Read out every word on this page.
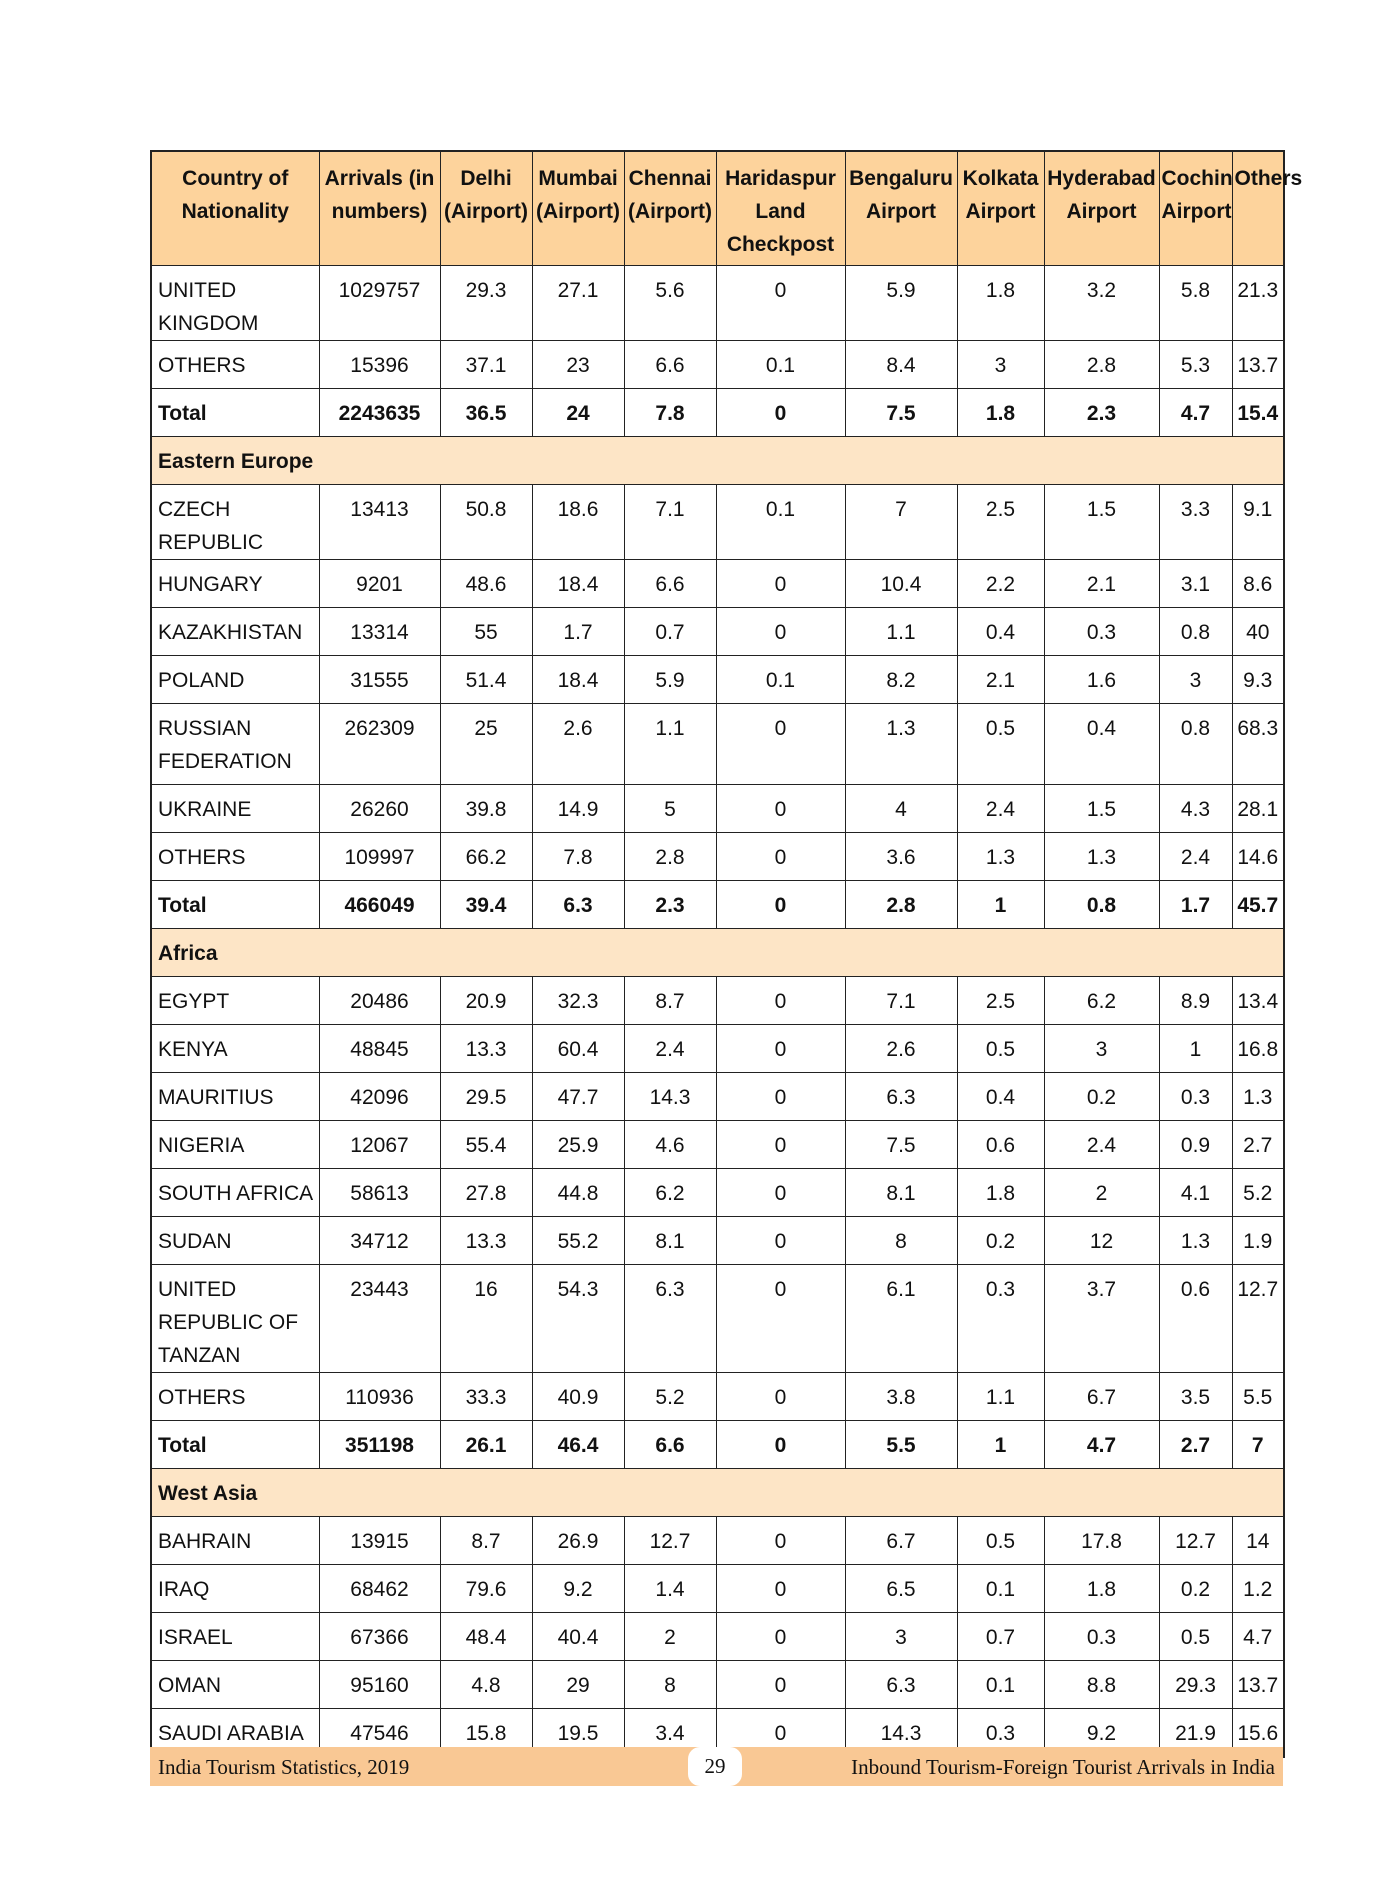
Country of Nationality	Arrivals (in numbers)	Delhi (Airport)	Mumbai (Airport)	Chennai (Airport)	Haridaspur Land Checkpost	Bengaluru Airport	Kolkata Airport	Hyderabad Airport	Cochin Airport	Others
UNITED KINGDOM	1029757	29.3	27.1	5.6	0	5.9	1.8	3.2	5.8	21.3
OTHERS	15396	37.1	23	6.6	0.1	8.4	3	2.8	5.3	13.7
Total	2243635	36.5	24	7.8	0	7.5	1.8	2.3	4.7	15.4
Eastern Europe										
CZECH REPUBLIC	13413	50.8	18.6	7.1	0.1	7	2.5	1.5	3.3	9.1
HUNGARY	9201	48.6	18.4	6.6	0	10.4	2.2	2.1	3.1	8.6
KAZAKHISTAN	13314	55	1.7	0.7	0	1.1	0.4	0.3	0.8	40
POLAND	31555	51.4	18.4	5.9	0.1	8.2	2.1	1.6	3	9.3
RUSSIAN FEDERATION	262309	25	2.6	1.1	0	1.3	0.5	0.4	0.8	68.3
UKRAINE	26260	39.8	14.9	5	0	4	2.4	1.5	4.3	28.1
OTHERS	109997	66.2	7.8	2.8	0	3.6	1.3	1.3	2.4	14.6
Total	466049	39.4	6.3	2.3	0	2.8	1	0.8	1.7	45.7
Africa										
EGYPT	20486	20.9	32.3	8.7	0	7.1	2.5	6.2	8.9	13.4
KENYA	48845	13.3	60.4	2.4	0	2.6	0.5	3	1	16.8
MAURITIUS	42096	29.5	47.7	14.3	0	6.3	0.4	0.2	0.3	1.3
NIGERIA	12067	55.4	25.9	4.6	0	7.5	0.6	2.4	0.9	2.7
SOUTH AFRICA	58613	27.8	44.8	6.2	0	8.1	1.8	2	4.1	5.2
SUDAN	34712	13.3	55.2	8.1	0	8	0.2	12	1.3	1.9
UNITED REPUBLIC OF TANZAN	23443	16	54.3	6.3	0	6.1	0.3	3.7	0.6	12.7
OTHERS	110936	33.3	40.9	5.2	0	3.8	1.1	6.7	3.5	5.5
Total	351198	26.1	46.4	6.6	0	5.5	1	4.7	2.7	7
West Asia										
BAHRAIN	13915	8.7	26.9	12.7	0	6.7	0.5	17.8	12.7	14
IRAQ	68462	79.6	9.2	1.4	0	6.5	0.1	1.8	0.2	1.2
ISRAEL	67366	48.4	40.4	2	0	3	0.7	0.3	0.5	4.7
OMAN	95160	4.8	29	8	0	6.3	0.1	8.8	29.3	13.7
SAUDI ARABIA	47546	15.8	19.5	3.4	0	14.3	0.3	9.2	21.9	15.6
India Tourism Statistics, 2019	29	Inbound Tourism-Foreign Tourist Arrivals in India
